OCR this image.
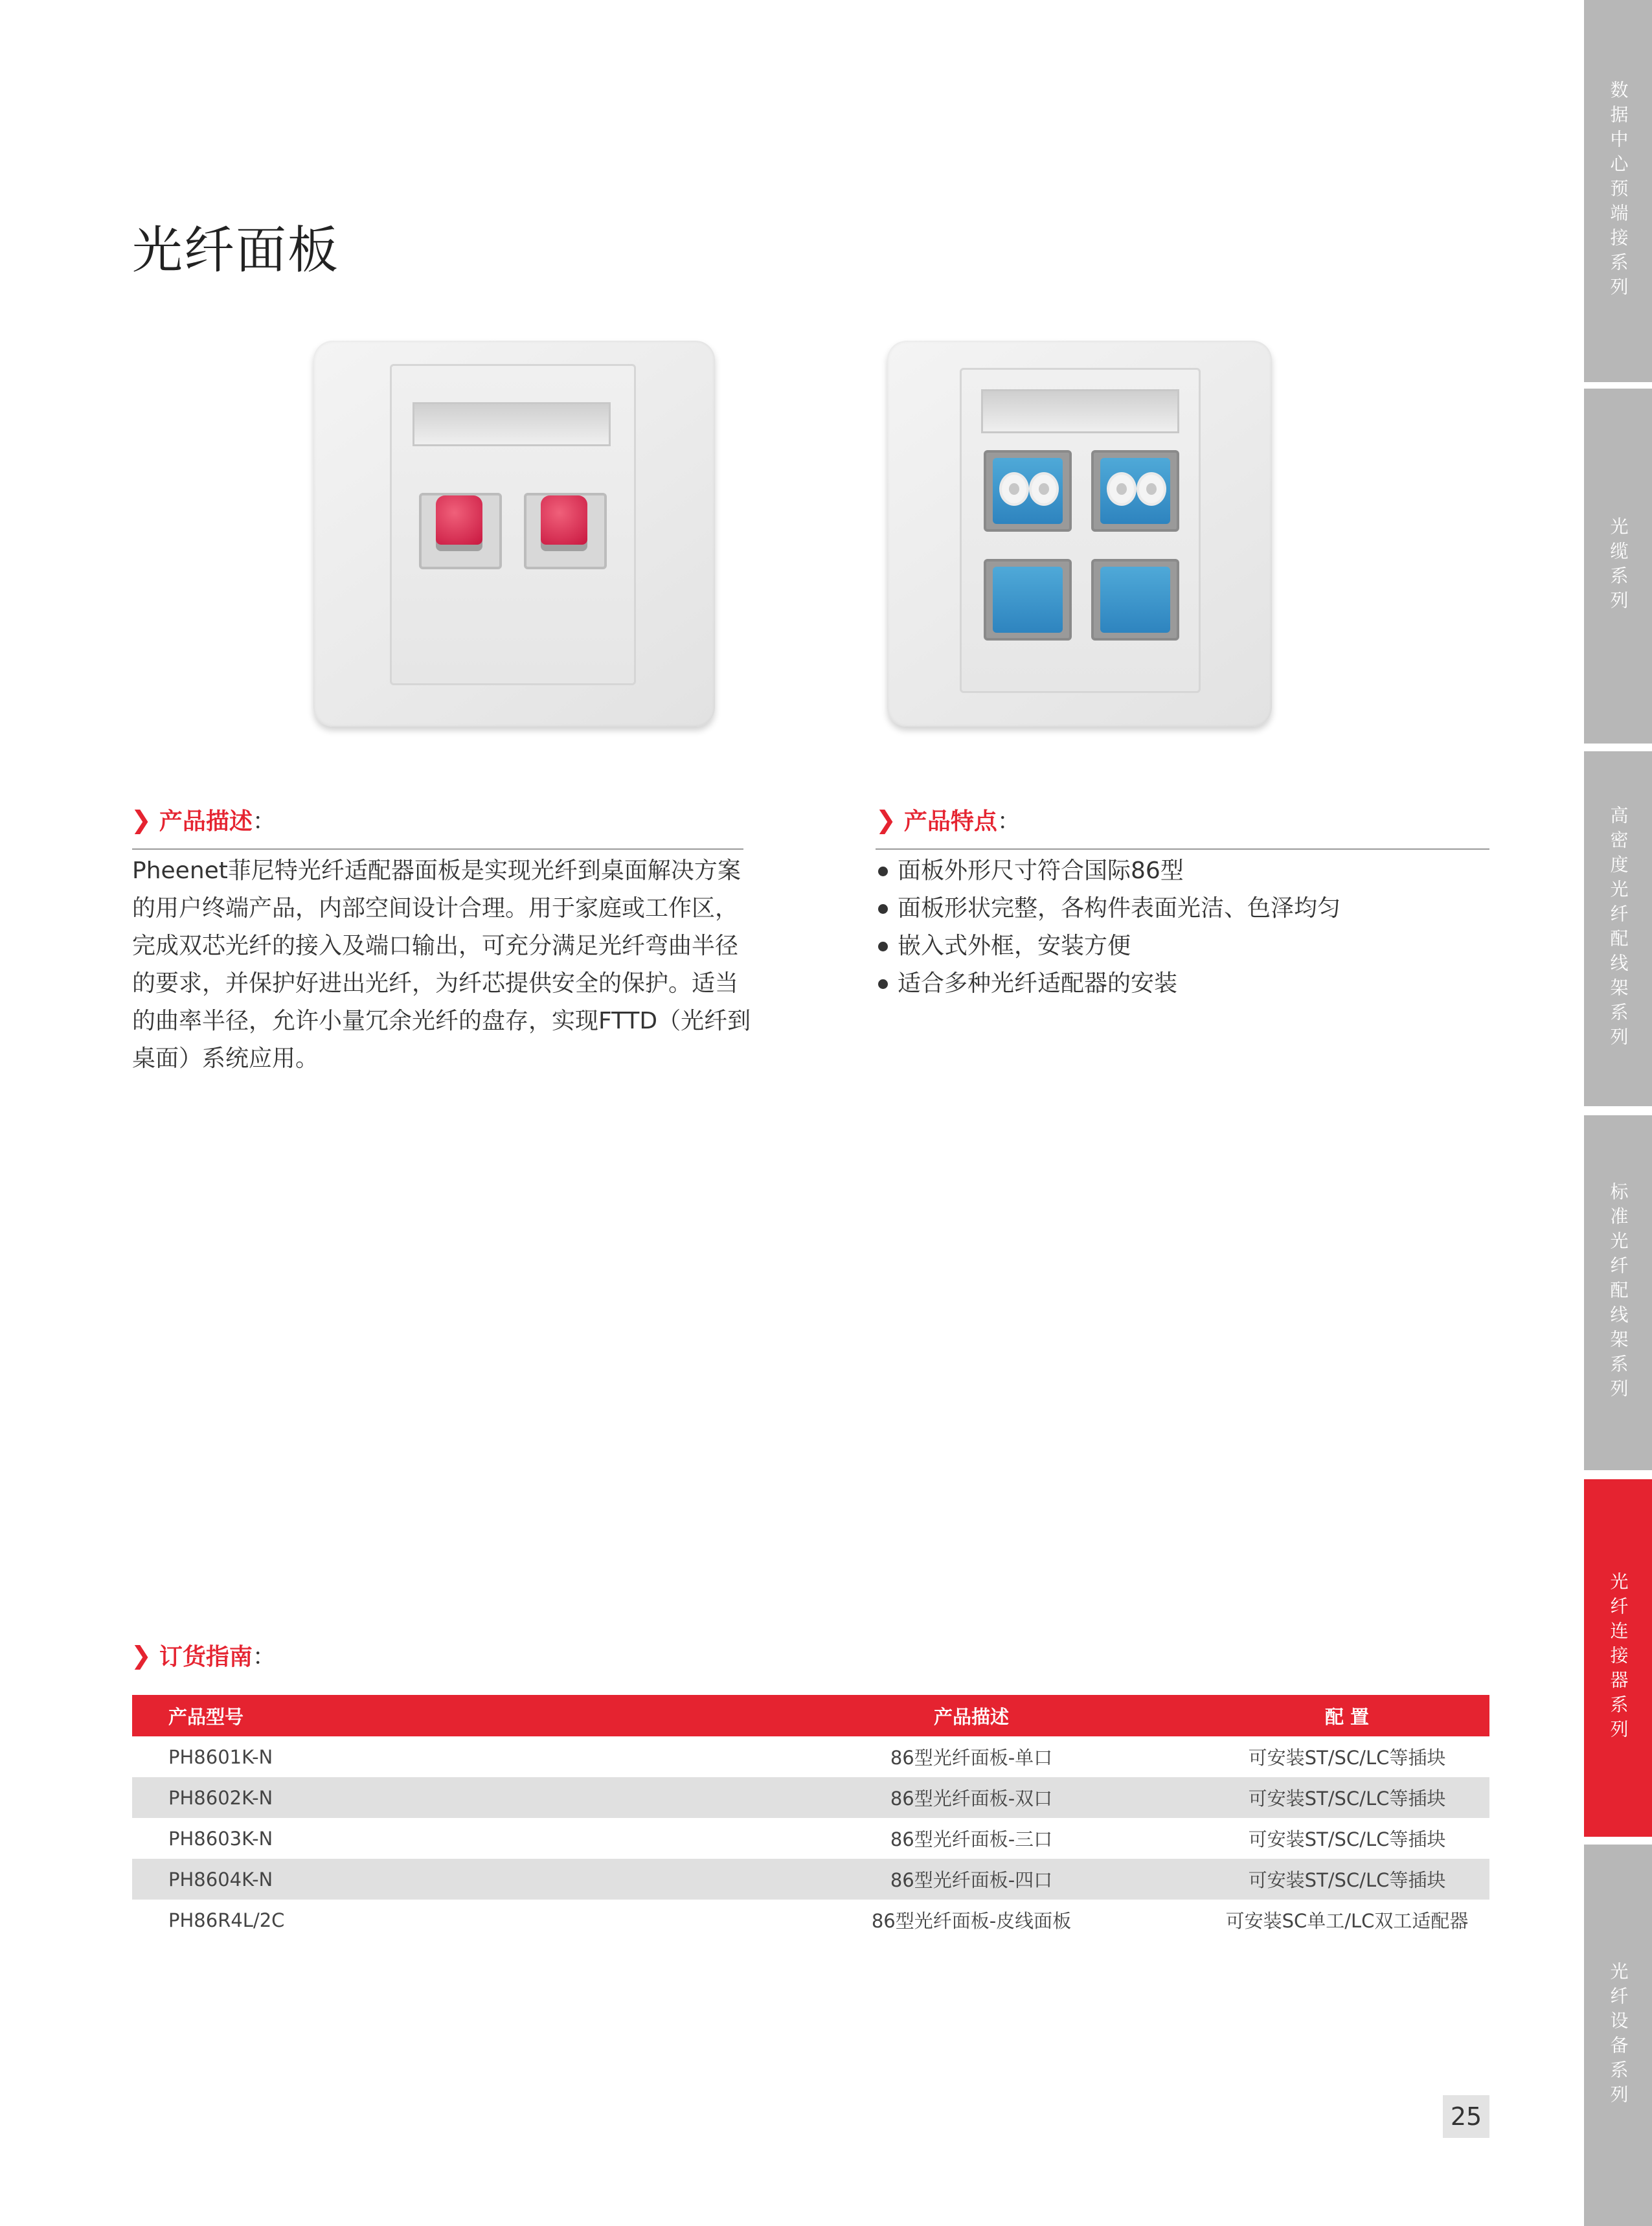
光纤面板
❯ 产品描述 ：

Pheenet菲尼特光纤适配器面板是实现光纤到桌面解决方案的用户终端产品，内部空间设计合理。用于家庭或工作区，完成双芯光纤的接入及端口输出，可充分满足光纤弯曲半径的要求，并保护好进出光纤，为纤芯提供安全的保护。适当的曲率半径，允许小量冗余光纤的盘存，实现FTTD（光纤到桌面）系统应用。

❯ 产品特点 ：
面板外形尺寸符合国际86型
面板形状完整，各构件表面光洁、色泽均匀
嵌入式外框，安装方便
适合多种光纤适配器的安装
❯ 订货指南 ：
产品型号	产品描述	配 置
PH8601K-N	86型光纤面板-单口	可安装ST/SC/LC等插块
PH8602K-N	86型光纤面板-双口	可安装ST/SC/LC等插块
PH8603K-N	86型光纤面板-三口	可安装ST/SC/LC等插块
PH8604K-N	86型光纤面板-四口	可安装ST/SC/LC等插块
PH86R4L/2C	86型光纤面板-皮线面板	可安装SC单工/LC双工适配器
数据中心预端接系列
光缆系列
高密度光纤配线架系列
标准光纤配线架系列
光纤连接器系列
光纤设备系列
25
